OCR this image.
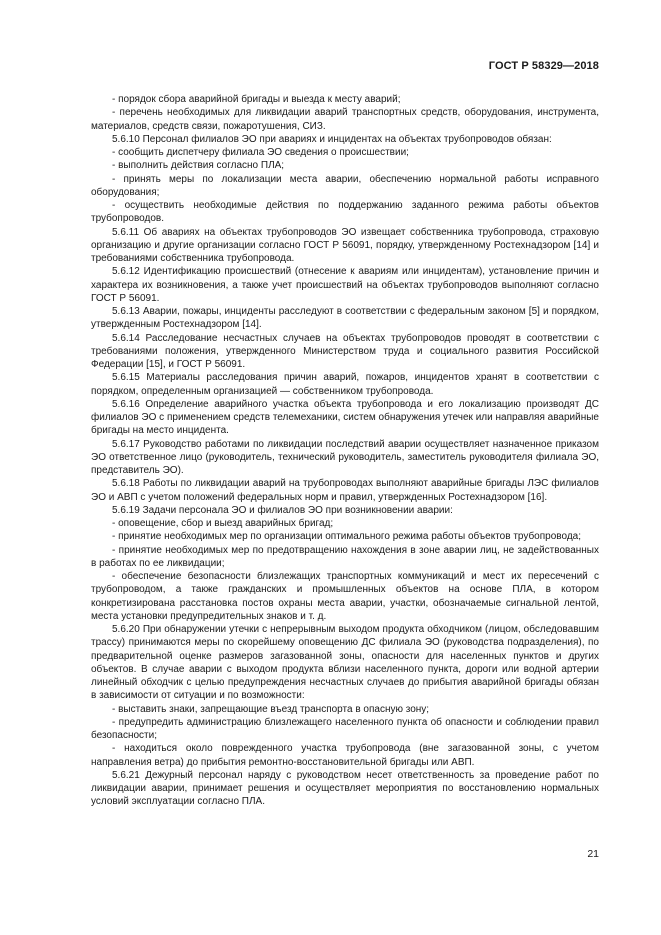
ГОСТ Р 58329—2018

- порядок сбора аварийной бригады и выезда к месту аварий;

- перечень необходимых для ликвидации аварий транспортных средств, оборудования, инструмента, материалов, средств связи, пожаротушения, СИЗ.

5.6.10 Персонал филиалов ЭО при авариях и инцидентах на объектах трубопроводов обязан:

- сообщить диспетчеру филиала ЭО сведения о происшествии;

- выполнить действия согласно ПЛА;

- принять меры по локализации места аварии, обеспечению нормальной работы исправного оборудования;

- осуществить необходимые действия по поддержанию заданного режима работы объектов трубопроводов.

5.6.11 Об авариях на объектах трубопроводов ЭО извещает собственника трубопровода, страховую организацию и другие организации согласно ГОСТ Р 56091, порядку, утвержденному Ростехнадзором [14] и требованиями собственника трубопровода.

5.6.12 Идентификацию происшествий (отнесение к авариям или инцидентам), установление причин и характера их возникновения, а также учет происшествий на объектах трубопроводов выполняют согласно ГОСТ Р 56091.

5.6.13 Аварии, пожары, инциденты расследуют в соответствии с федеральным законом [5] и порядком, утвержденным Ростехнадзором [14].

5.6.14 Расследование несчастных случаев на объектах трубопроводов проводят в соответствии с требованиями положения, утвержденного Министерством труда и социального развития Российской Федерации [15], и ГОСТ Р 56091.

5.6.15 Материалы расследования причин аварий, пожаров, инцидентов хранят в соответствии с порядком, определенным организацией — собственником трубопровода.

5.6.16 Определение аварийного участка объекта трубопровода и его локализацию производят ДС филиалов ЭО с применением средств телемеханики, систем обнаружения утечек или направляя аварийные бригады на место инцидента.

5.6.17 Руководство работами по ликвидации последствий аварии осуществляет назначенное приказом ЭО ответственное лицо (руководитель, технический руководитель, заместитель руководителя филиала ЭО, представитель ЭО).

5.6.18 Работы по ликвидации аварий на трубопроводах выполняют аварийные бригады ЛЭС филиалов ЭО и АВП с учетом положений федеральных норм и правил, утвержденных Ростехнадзором [16].

5.6.19 Задачи персонала ЭО и филиалов ЭО при возникновении аварии:

- оповещение, сбор и выезд аварийных бригад;

- принятие необходимых мер по организации оптимального режима работы объектов трубопровода;

- принятие необходимых мер по предотвращению нахождения в зоне аварии лиц, не задействованных в работах по ее ликвидации;

- обеспечение безопасности близлежащих транспортных коммуникаций и мест их пересечений с трубопроводом, а также гражданских и промышленных объектов на основе ПЛА, в котором конкретизирована расстановка постов охраны места аварии, участки, обозначаемые сигнальной лентой, места установки предупредительных знаков и т. д.

5.6.20 При обнаружении утечки с непрерывным выходом продукта обходчиком (лицом, обследовавшим трассу) принимаются меры по скорейшему оповещению ДС филиала ЭО (руководства подразделения), по предварительной оценке размеров загазованной зоны, опасности для населенных пунктов и других объектов. В случае аварии с выходом продукта вблизи населенного пункта, дороги или водной артерии линейный обходчик с целью предупреждения несчастных случаев до прибытия аварийной бригады обязан в зависимости от ситуации и по возможности:

- выставить знаки, запрещающие въезд транспорта в опасную зону;

- предупредить администрацию близлежащего населенного пункта об опасности и соблюдении правил безопасности;

- находиться около поврежденного участка трубопровода (вне загазованной зоны, с учетом направления ветра) до прибытия ремонтно-восстановительной бригады или АВП.

5.6.21 Дежурный персонал наряду с руководством несет ответственность за проведение работ по ликвидации аварии, принимает решения и осуществляет мероприятия по восстановлению нормальных условий эксплуатации согласно ПЛА.

21
